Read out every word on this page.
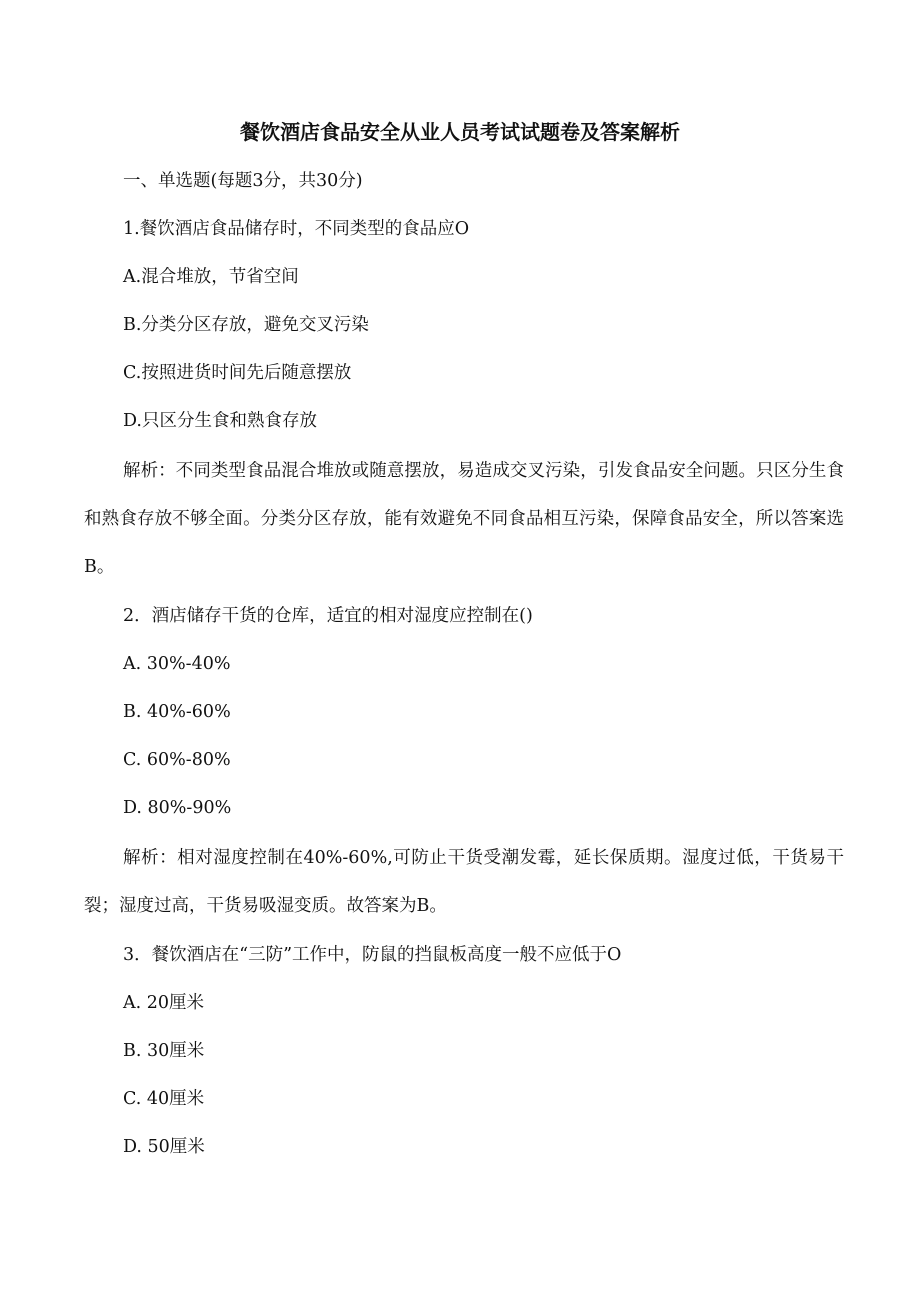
餐饮酒店食品安全从业人员考试试题卷及答案解析
一、单选题(每题3分，共30分)
1.餐饮酒店食品储存时，不同类型的食品应O
A.混合堆放，节省空间
B.分类分区存放，避免交叉污染
C.按照进货时间先后随意摆放
D.只区分生食和熟食存放
解析：不同类型食品混合堆放或随意摆放，易造成交叉污染，引发食品安全问题。只区分生食和熟食存放不够全面。分类分区存放，能有效避免不同食品相互污染，保障食品安全，所以答案选B。
2．酒店储存干货的仓库，适宜的相对湿度应控制在()
A. 30%-40%
B. 40%-60%
C. 60%-80%
D. 80%-90%
解析：相对湿度控制在40%-60%,可防止干货受潮发霉，延长保质期。湿度过低，干货易干裂；湿度过高，干货易吸湿变质。故答案为B。
3．餐饮酒店在“三防”工作中，防鼠的挡鼠板高度一般不应低于O
A. 20厘米
B. 30厘米
C. 40厘米
D. 50厘米
